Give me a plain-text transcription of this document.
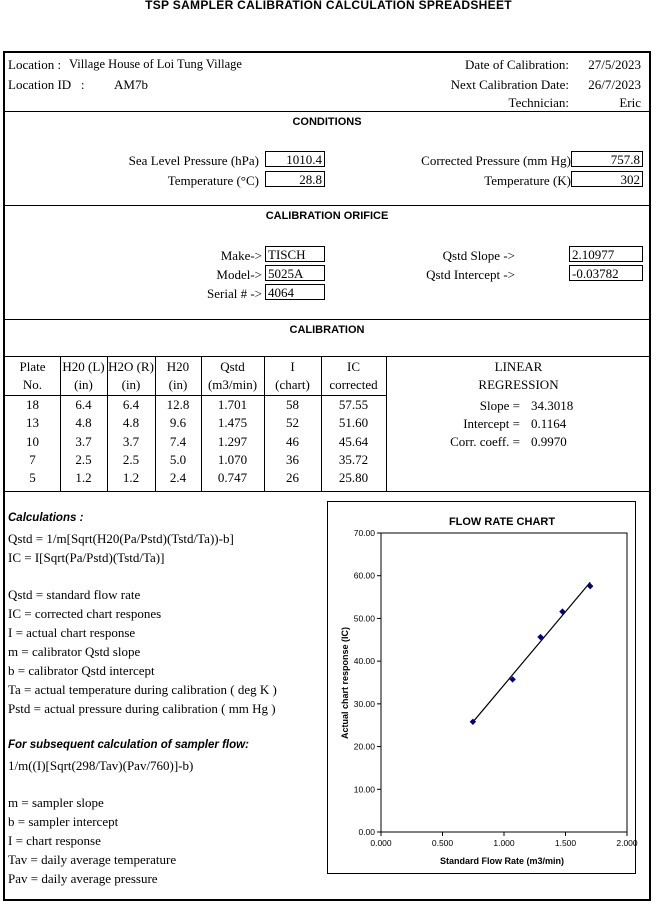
TSP SAMPLER CALIBRATION CALCULATION SPREADSHEET
Location : Village House of Loi Tung Village
Location ID   : AM7b
Date of Calibration: 27/5/2023
Next Calibration Date: 26/7/2023
Technician:	Eric
CONDITIONS
Sea Level Pressure (hPa)	1010.4
Temperature (°C)	28.8
Corrected Pressure (mm Hg)	757.8
Temperature (K)	302
CALIBRATION ORIFICE
Make-> TISCH
Model-> 5025A
Serial # -> 4064
Qstd Slope ->	2.10977
Qstd Intercept ->	-0.03782
CALIBRATION
Plate	H20 (L)	H2O (R)	H20	Qstd	I	IC
No.	(in)	(in)	(in)	(m3/min)	(chart)	corrected

18	6.4	6.4	12.8	1.701	58	57.55
13	4.8	4.8	9.6	1.475	52	51.60
10	3.7	3.7	7.4	1.297	46	45.64
7	2.5	2.5	5.0	1.070	36	35.72
5	1.2	1.2	2.4	0.747	26	25.80
LINEAR
REGRESSION
Slope = 34.3018
Intercept = 0.1164
Corr. coeff. = 0.9970
Calculations :
Qstd = 1/m[Sqrt(H20(Pa/Pstd)(Tstd/Ta))-b]
IC = I[Sqrt(Pa/Pstd)(Tstd/Ta)]
Qstd = standard flow rate
IC = corrected chart respones
I = actual chart response
m = calibrator Qstd slope
b = calibrator Qstd intercept
Ta = actual temperature during calibration ( deg K )
Pstd = actual pressure during calibration ( mm Hg )
For subsequent calculation of sampler flow:
1/m((I)[Sqrt(298/Tav)(Pav/760)]-b)
m = sampler slope
b = sampler intercept
I = chart response
Tav = daily average temperature
Pav = daily average pressure
FLOW RATE CHART
0.00
10.00
20.00
30.00
40.00
50.00
60.00
70.00
0.000	0.500	1.000	1.500	2.000
Actual chart response (IC)
Standard Flow Rate (m3/min)
